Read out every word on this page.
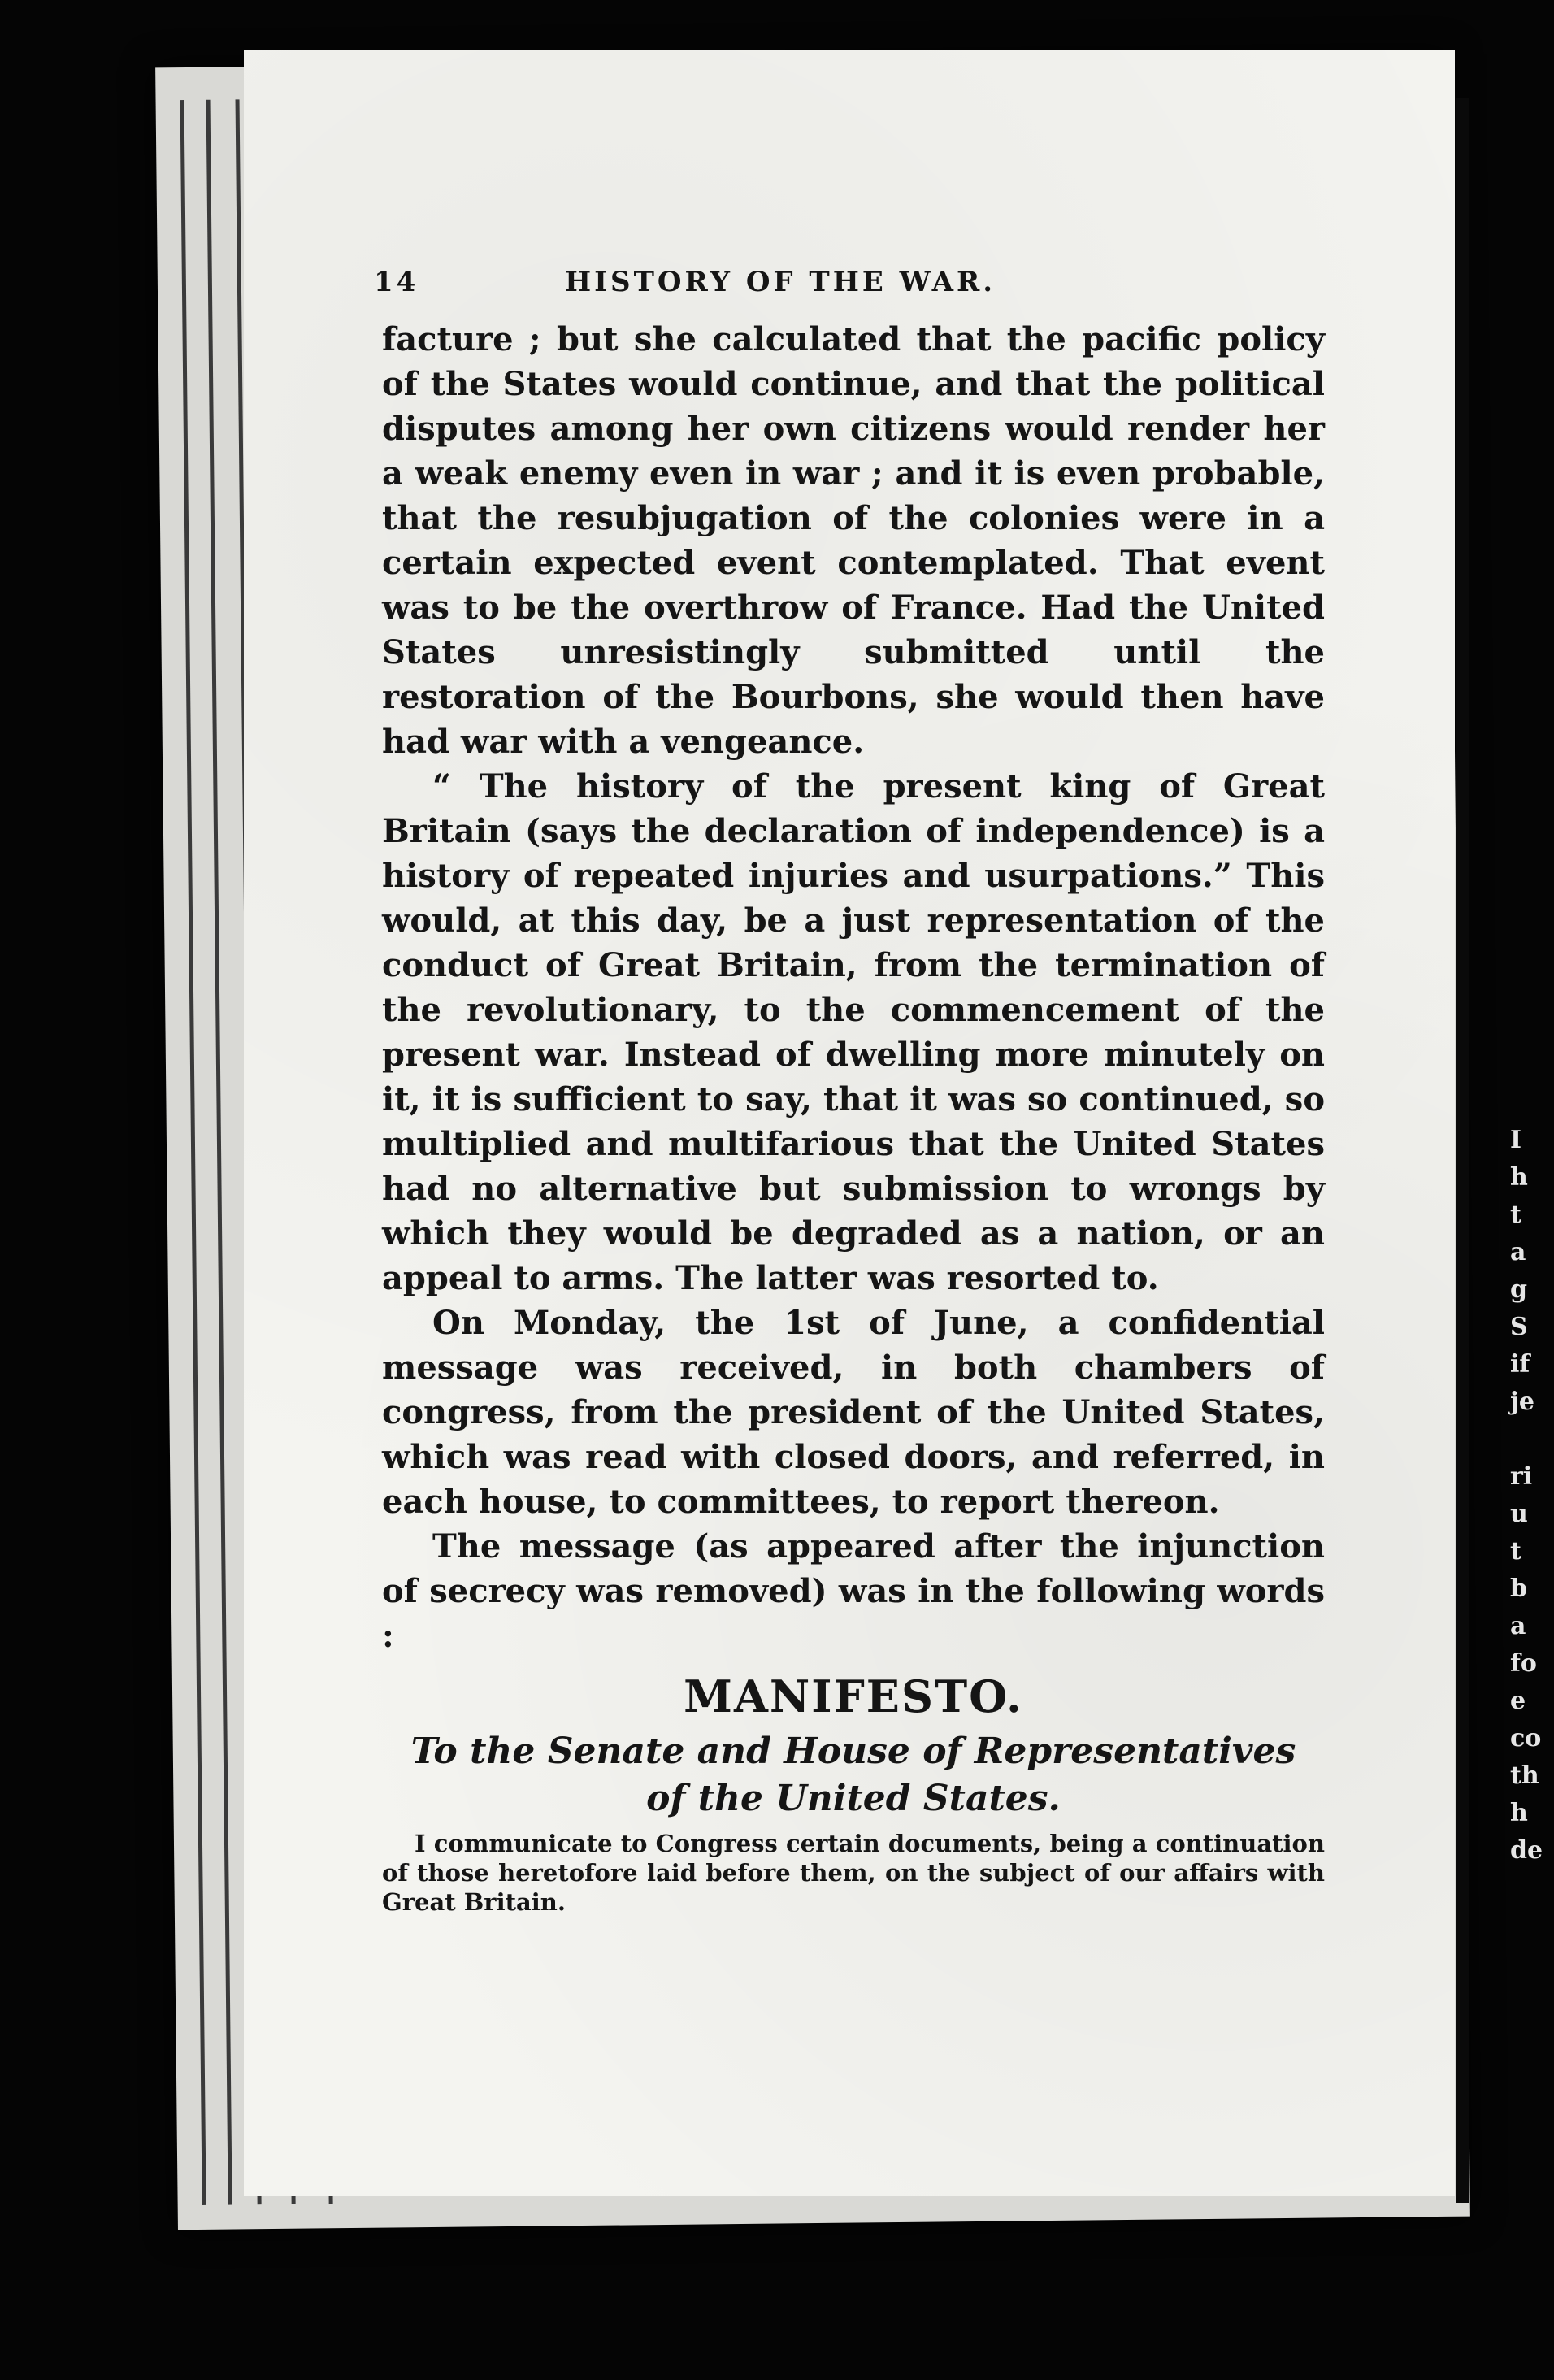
I
h
t
a
g
S
if
je
ri
u
t
b
a
fo
e
co
th
h
de
14	HISTORY OF THE WAR.

facture ; but she calculated that the pacific policy of the States would continue, and that the political disputes among her own citizens would render her a weak enemy even in war ; and it is even probable, that the resubjugation of the colonies were in a certain expected event contemplated. That event was to be the overthrow of France. Had the United States unresistingly submitted until the restoration of the Bourbons, she would then have had war with a vengeance.

“ The history of the present king of Great Britain (says the declaration of independence) is a history of repeated injuries and usurpations.” This would, at this day, be a just representation of the conduct of Great Britain, from the termination of the revolutionary, to the commencement of the present war. Instead of dwelling more minutely on it, it is sufficient to say, that it was so continued, so multiplied and multifarious that the United States had no alternative but submission to wrongs by which they would be degraded as a nation, or an appeal to arms. The latter was resorted to.

On Monday, the 1st of June, a confidential message was received, in both chambers of congress, from the president of the United States, which was read with closed doors, and referred, in each house, to committees, to report thereon.

The message (as appeared after the injunction of secrecy was removed) was in the following words :

MANIFESTO.
To the Senate and House of Representatives of the United States.

I communicate to Congress certain documents, being a continuation of those heretofore laid before them, on the subject of our affairs with Great Britain.
